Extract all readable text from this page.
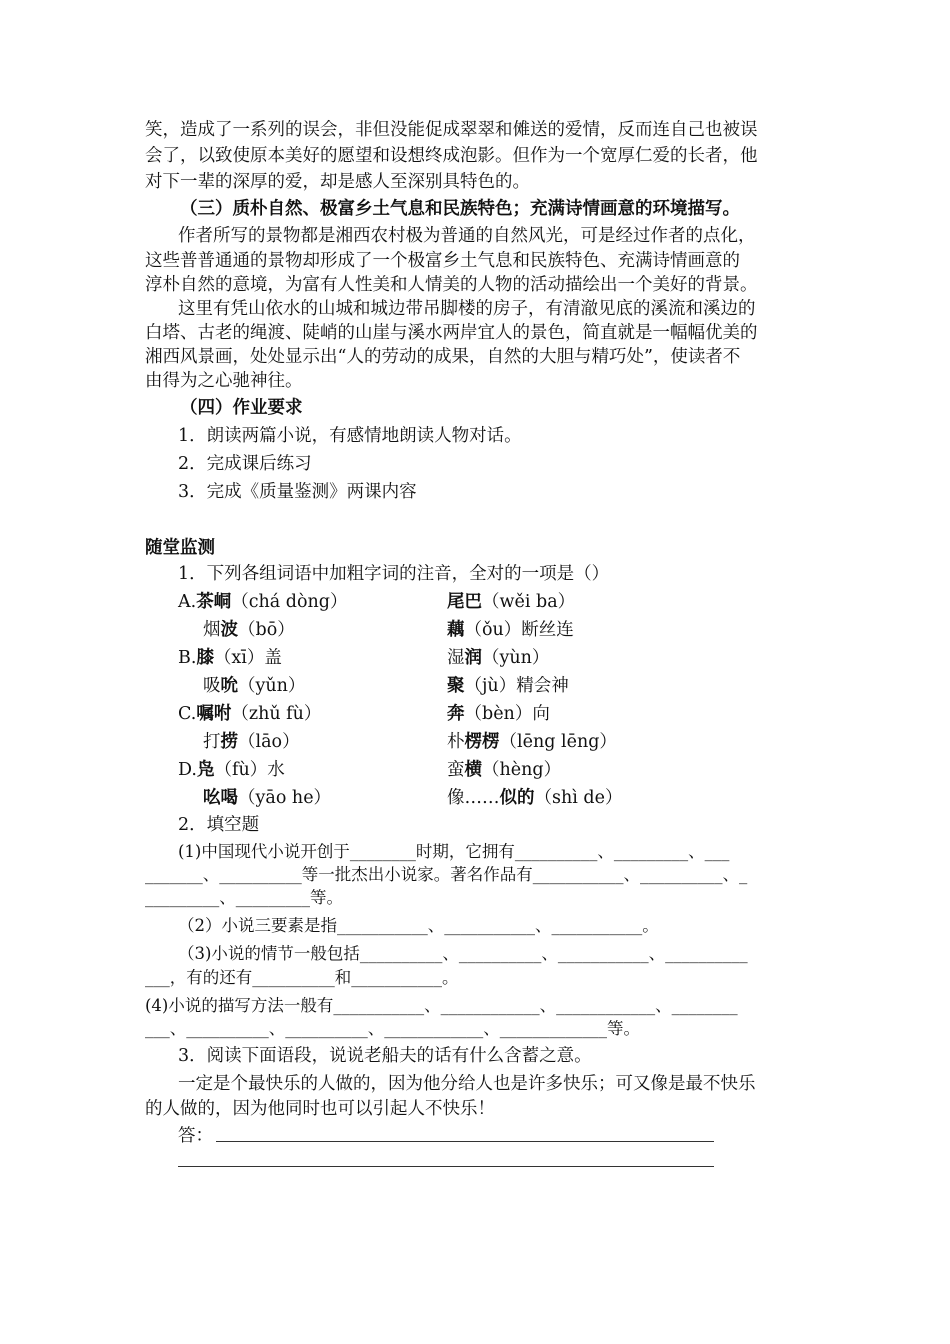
笑，造成了一系列的误会，非但没能促成翠翠和傩送的爱情，反而连自己也被误
会了，以致使原本美好的愿望和设想终成泡影。但作为一个宽厚仁爱的长者，他
对下一辈的深厚的爱，却是感人至深别具特色的。
（三）质朴自然、极富乡土气息和民族特色；充满诗情画意的环境描写。
作者所写的景物都是湘西农村极为普通的自然风光，可是经过作者的点化，
这些普普通通的景物却形成了一个极富乡土气息和民族特色、充满诗情画意的
淳朴自然的意境，为富有人性美和人情美的人物的活动描绘出一个美好的背景。
这里有凭山依水的山城和城边带吊脚楼的房子，有清澈见底的溪流和溪边的
白塔、古老的绳渡、陡峭的山崖与溪水两岸宜人的景色，简直就是一幅幅优美的
湘西风景画，处处显示出“人的劳动的成果，自然的大胆与精巧处”，使读者不
由得为之心驰神往。
（四）作业要求
1．朗读两篇小说，有感情地朗读人物对话。
2．完成课后练习
3．完成《质量鉴测》两课内容
随堂监测
1．下列各组词语中加粗字词的注音，全对的一项是（）
A.茶峒（chá dòng）	尾巴（wěi ba）
烟波（bō）	藕（ǒu）断丝连
B.膝（xī）盖	湿润（yùn）
吸吮（yǔn）	聚（jù）精会神
C.嘱咐（zhǔ fù）	奔（bèn）向
打捞（lāo）	朴楞楞（lēng lēng）
D.凫（fù）水	蛮横（hèng）
吆喝（yāo he）	像……似的（shì de）
2．填空题
(1)中国现代小说开创于________时期，它拥有__________、_________、___
_______、__________等一批杰出小说家。著名作品有___________、__________、_
_________、_________等。
（2）小说三要素是指___________、___________、___________。
（3)小说的情节一般包括__________、__________、___________、__________
___，有的还有__________和___________。
(4)小说的描写方法一般有___________、____________、____________、________
___、__________、__________、____________、_____________等。
3．阅读下面语段，说说老船夫的话有什么含蓄之意。
一定是个最快乐的人做的，因为他分给人也是许多快乐；可又像是最不快乐
的人做的，因为他同时也可以引起人不快乐！
答：
